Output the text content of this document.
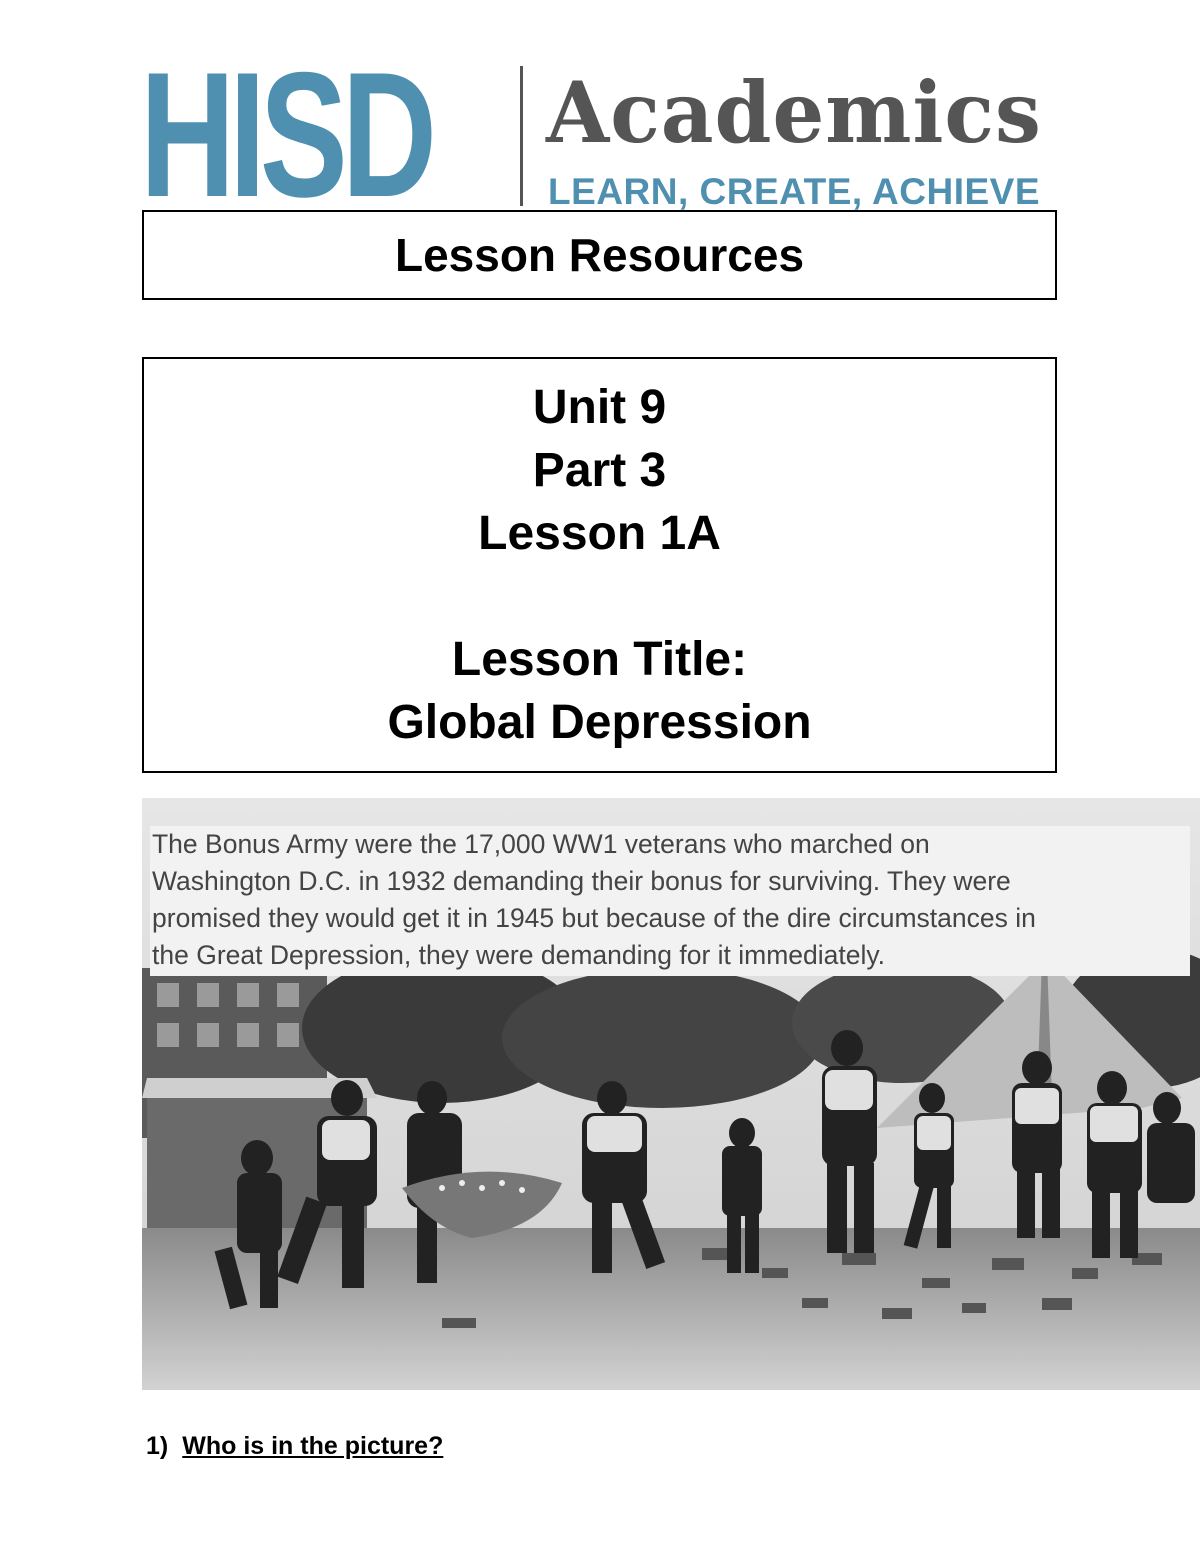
HISD Academics
LEARN, CREATE, ACHIEVE
Lesson Resources
Unit 9
Part 3
Lesson 1A
Lesson Title:
Global Depression
The Bonus Army were the 17,000 WW1 veterans who marched on
Washington D.C. in 1932 demanding their bonus for surviving. They were
promised they would get it in 1945 but because of the dire circumstances in
the Great Depression, they were demanding for it immediately.
1) Who is in the picture?
